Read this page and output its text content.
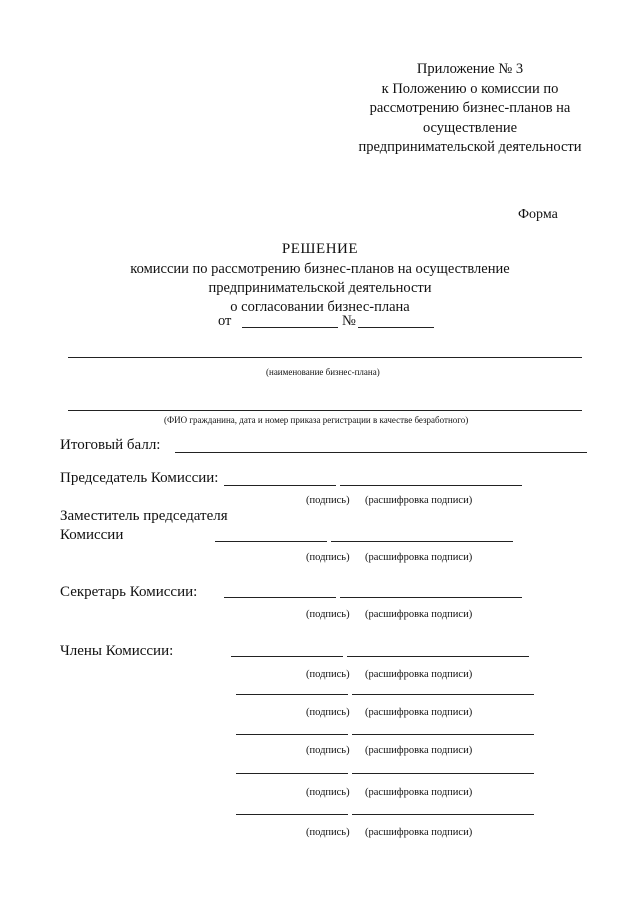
Приложение № 3
к Положению о комиссии по
рассмотрению бизнес-планов на
осуществление
предпринимательской деятельности
Форма
РЕШЕНИЕ
комиссии по рассмотрению бизнес-планов на осуществление
предпринимательской деятельности
о согласовании бизнес-плана
от	№
(наименование бизнес-плана)
(ФИО гражданина, дата и номер приказа регистрации в качестве безработного)
Итоговый балл:
Председатель Комиссии:
(подпись) (расшифровка подписи)
Заместитель председателя
Комиссии
(подпись) (расшифровка подписи)
Секретарь Комиссии:
(подпись) (расшифровка подписи)
Члены Комиссии:
(подпись) (расшифровка подписи)
(подпись) (расшифровка подписи)
(подпись) (расшифровка подписи)
(подпись) (расшифровка подписи)
(подпись) (расшифровка подписи)
